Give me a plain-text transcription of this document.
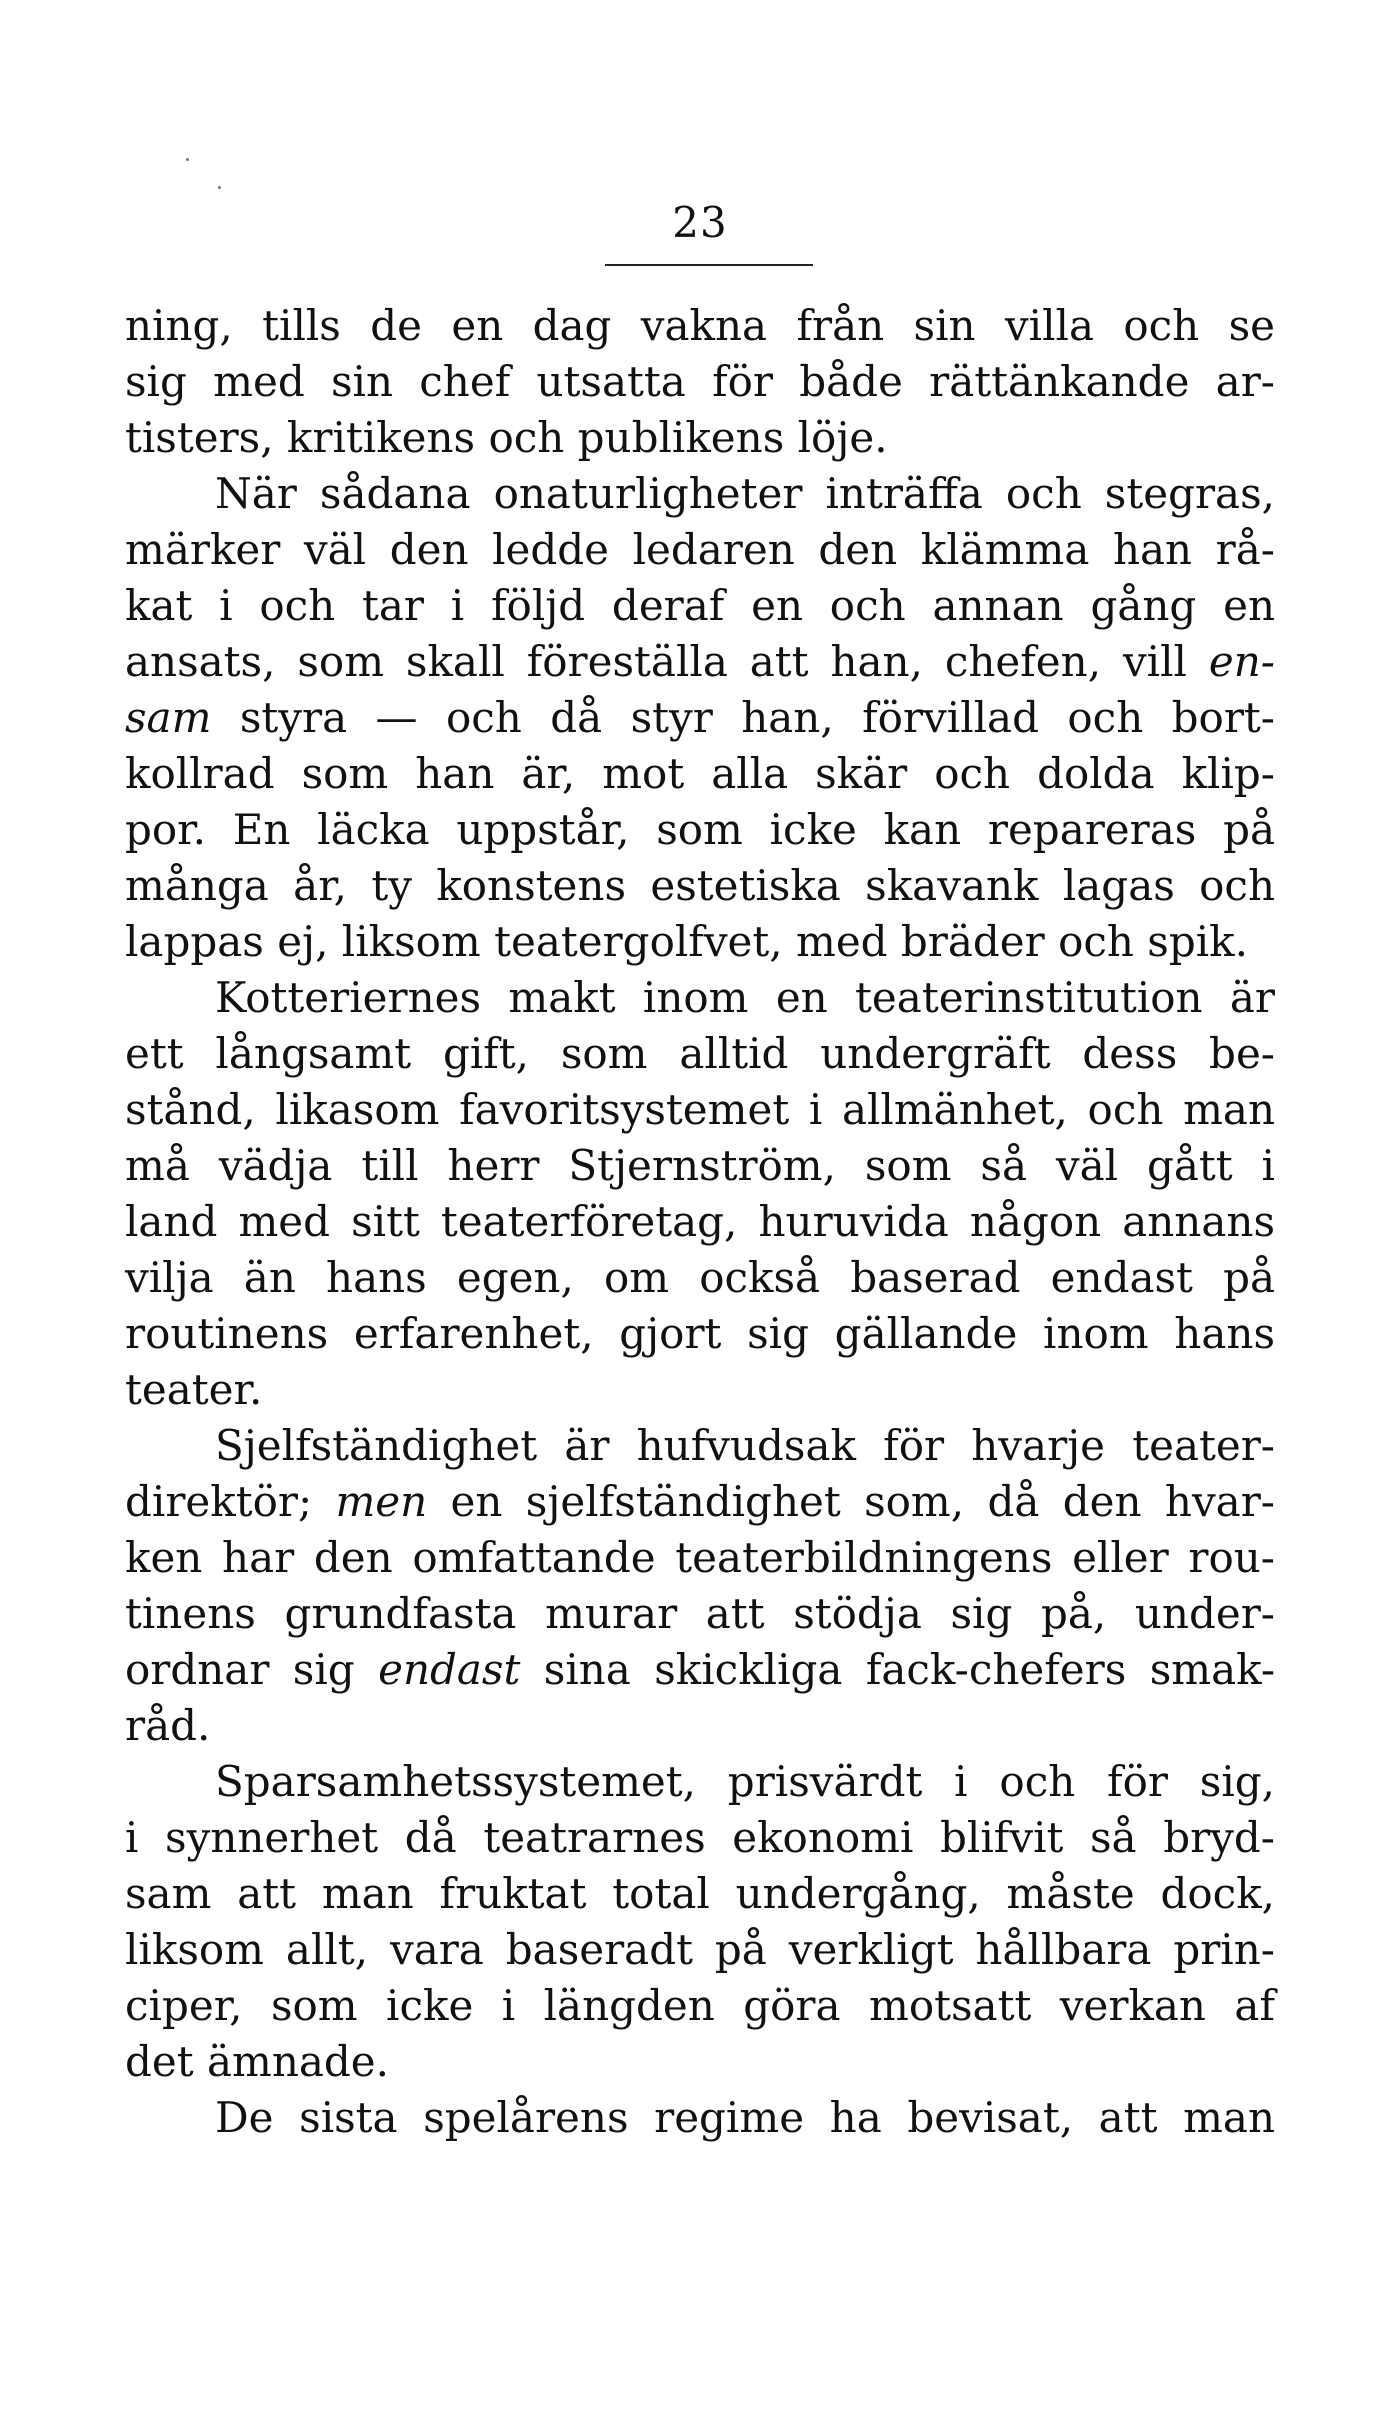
23
ning, tills de en dag vakna från sin villa och se
sig med sin chef utsatta för både rättänkande ar-
tisters, kritikens och publikens löje.
När sådana onaturligheter inträffa och stegras,
märker väl den ledde ledaren den klämma han rå-
kat i och tar i följd deraf en och annan gång en
ansats, som skall föreställa att han, chefen, vill en-
sam styra — och då styr han, förvillad och bort-
kollrad som han är, mot alla skär och dolda klip-
por. En läcka uppstår, som icke kan repareras på
många år, ty konstens estetiska skavank lagas och
lappas ej, liksom teatergolfvet, med bräder och spik.
Kotteriernes makt inom en teaterinstitution är
ett långsamt gift, som alltid undergräft dess be-
stånd, likasom favoritsystemet i allmänhet, och man
må vädja till herr Stjernström, som så väl gått i
land med sitt teaterföretag, huruvida någon annans
vilja än hans egen, om också baserad endast på
routinens erfarenhet, gjort sig gällande inom hans
teater.
Sjelfständighet är hufvudsak för hvarje teater-
direktör; men en sjelfständighet som, då den hvar-
ken har den omfattande teaterbildningens eller rou-
tinens grundfasta murar att stödja sig på, under-
ordnar sig endast sina skickliga fack-chefers smak-
råd.
Sparsamhetssystemet, prisvärdt i och för sig,
i synnerhet då teatrarnes ekonomi blifvit så bryd-
sam att man fruktat total undergång, måste dock,
liksom allt, vara baseradt på verkligt hållbara prin-
ciper, som icke i längden göra motsatt verkan af
det ämnade.
De sista spelårens regime ha bevisat, att man
